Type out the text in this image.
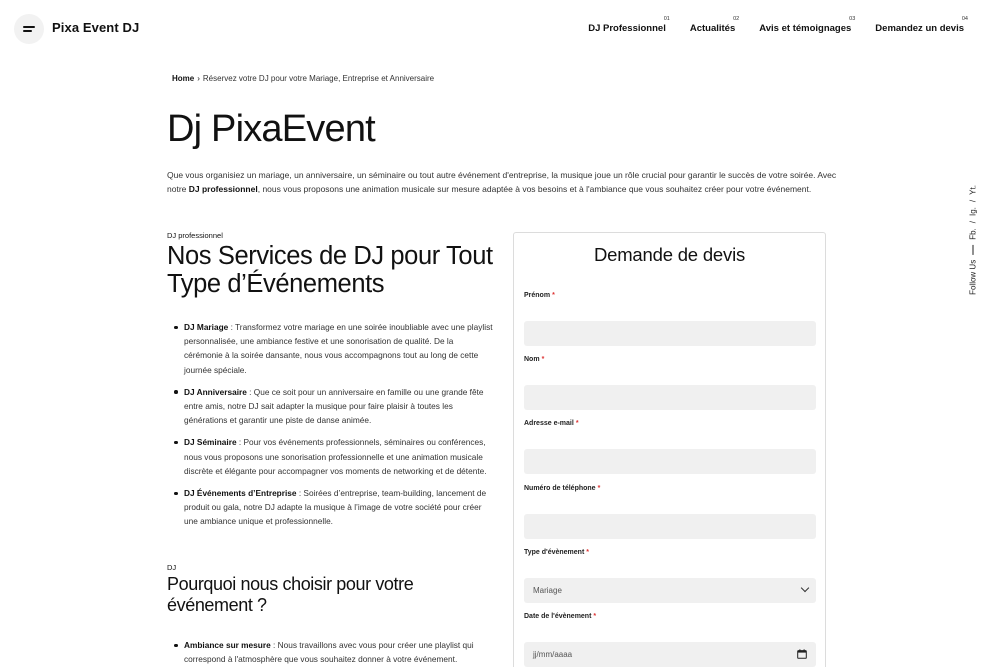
Pixa Event DJ	DJ Professionnel
01
Actualités
02
Avis et témoignages
03
Demandez un devis
04
Home › Réservez votre DJ pour votre Mariage, Entreprise et Anniversaire
Dj PixaEvent

Que vous organisiez un mariage, un anniversaire, un séminaire ou tout autre événement d'entreprise, la musique joue un rôle crucial pour garantir le succès de votre soirée. Avec notre DJ professionnel, nous vous proposons une animation musicale sur mesure adaptée à vos besoins et à l'ambiance que vous souhaitez créer pour votre événement.

DJ professionnel
Nos Services de DJ pour Tout Type d’Événements
DJ Mariage : Transformez votre mariage en une soirée inoubliable avec une playlist personnalisée, une ambiance festive et une sonorisation de qualité. De la cérémonie à la soirée dansante, nous vous accompagnons tout au long de cette journée spéciale.
DJ Anniversaire : Que ce soit pour un anniversaire en famille ou une grande fête entre amis, notre DJ sait adapter la musique pour faire plaisir à toutes les générations et garantir une piste de danse animée.
DJ Séminaire : Pour vos événements professionnels, séminaires ou conférences, nous vous proposons une sonorisation professionnelle et une animation musicale discrète et élégante pour accompagner vos moments de networking et de détente.
DJ Événements d’Entreprise : Soirées d’entreprise, team-building, lancement de produit ou gala, notre DJ adapte la musique à l’image de votre société pour créer une ambiance unique et professionnelle.
DJ
Pourquoi nous choisir pour votre événement ?
Ambiance sur mesure : Nous travaillons avec vous pour créer une playlist qui correspond à l'atmosphère que vous souhaitez donner à votre événement.
Demande de devis
Prénom *
Nom *
Adresse e-mail *
Numéro de téléphone *
Type d'évènement *
Mariage
Date de l'évènement *
jj/mm/aaaa
Follow Us
Fb.
/
Ig.
/
Yt.
